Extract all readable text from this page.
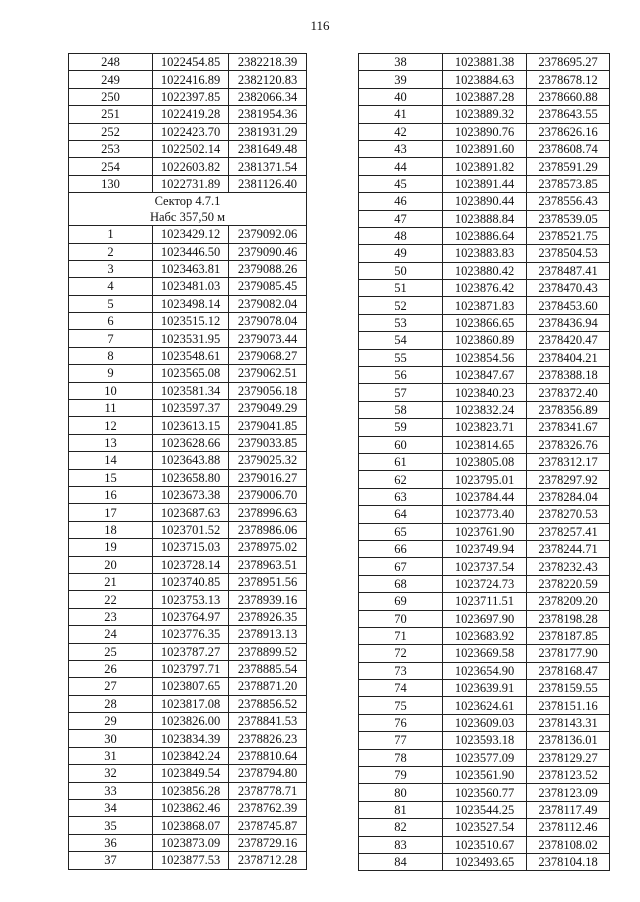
116
248	1022454.85	2382218.39
249	1022416.89	2382120.83
250	1022397.85	2382066.34
251	1022419.28	2381954.36
252	1022423.70	2381931.29
253	1022502.14	2381649.48
254	1022603.82	2381371.54
130	1022731.89	2381126.40

Сектор 4.7.1
Набс 357,50 м		

1	1023429.12	2379092.06
2	1023446.50	2379090.46
3	1023463.81	2379088.26
4	1023481.03	2379085.45
5	1023498.14	2379082.04
6	1023515.12	2379078.04
7	1023531.95	2379073.44
8	1023548.61	2379068.27
9	1023565.08	2379062.51
10	1023581.34	2379056.18
11	1023597.37	2379049.29
12	1023613.15	2379041.85
13	1023628.66	2379033.85
14	1023643.88	2379025.32
15	1023658.80	2379016.27
16	1023673.38	2379006.70
17	1023687.63	2378996.63
18	1023701.52	2378986.06
19	1023715.03	2378975.02
20	1023728.14	2378963.51
21	1023740.85	2378951.56
22	1023753.13	2378939.16
23	1023764.97	2378926.35
24	1023776.35	2378913.13
25	1023787.27	2378899.52
26	1023797.71	2378885.54
27	1023807.65	2378871.20
28	1023817.08	2378856.52
29	1023826.00	2378841.53
30	1023834.39	2378826.23
31	1023842.24	2378810.64
32	1023849.54	2378794.80
33	1023856.28	2378778.71
34	1023862.46	2378762.39
35	1023868.07	2378745.87
36	1023873.09	2378729.16
37	1023877.53	2378712.28
38	1023881.38	2378695.27
39	1023884.63	2378678.12
40	1023887.28	2378660.88
41	1023889.32	2378643.55
42	1023890.76	2378626.16
43	1023891.60	2378608.74
44	1023891.82	2378591.29
45	1023891.44	2378573.85
46	1023890.44	2378556.43
47	1023888.84	2378539.05
48	1023886.64	2378521.75
49	1023883.83	2378504.53
50	1023880.42	2378487.41
51	1023876.42	2378470.43
52	1023871.83	2378453.60
53	1023866.65	2378436.94
54	1023860.89	2378420.47
55	1023854.56	2378404.21
56	1023847.67	2378388.18
57	1023840.23	2378372.40
58	1023832.24	2378356.89
59	1023823.71	2378341.67
60	1023814.65	2378326.76
61	1023805.08	2378312.17
62	1023795.01	2378297.92
63	1023784.44	2378284.04
64	1023773.40	2378270.53
65	1023761.90	2378257.41
66	1023749.94	2378244.71
67	1023737.54	2378232.43
68	1023724.73	2378220.59
69	1023711.51	2378209.20
70	1023697.90	2378198.28
71	1023683.92	2378187.85
72	1023669.58	2378177.90
73	1023654.90	2378168.47
74	1023639.91	2378159.55
75	1023624.61	2378151.16
76	1023609.03	2378143.31
77	1023593.18	2378136.01
78	1023577.09	2378129.27
79	1023561.90	2378123.52
80	1023560.77	2378123.09
81	1023544.25	2378117.49
82	1023527.54	2378112.46
83	1023510.67	2378108.02
84	1023493.65	2378104.18
